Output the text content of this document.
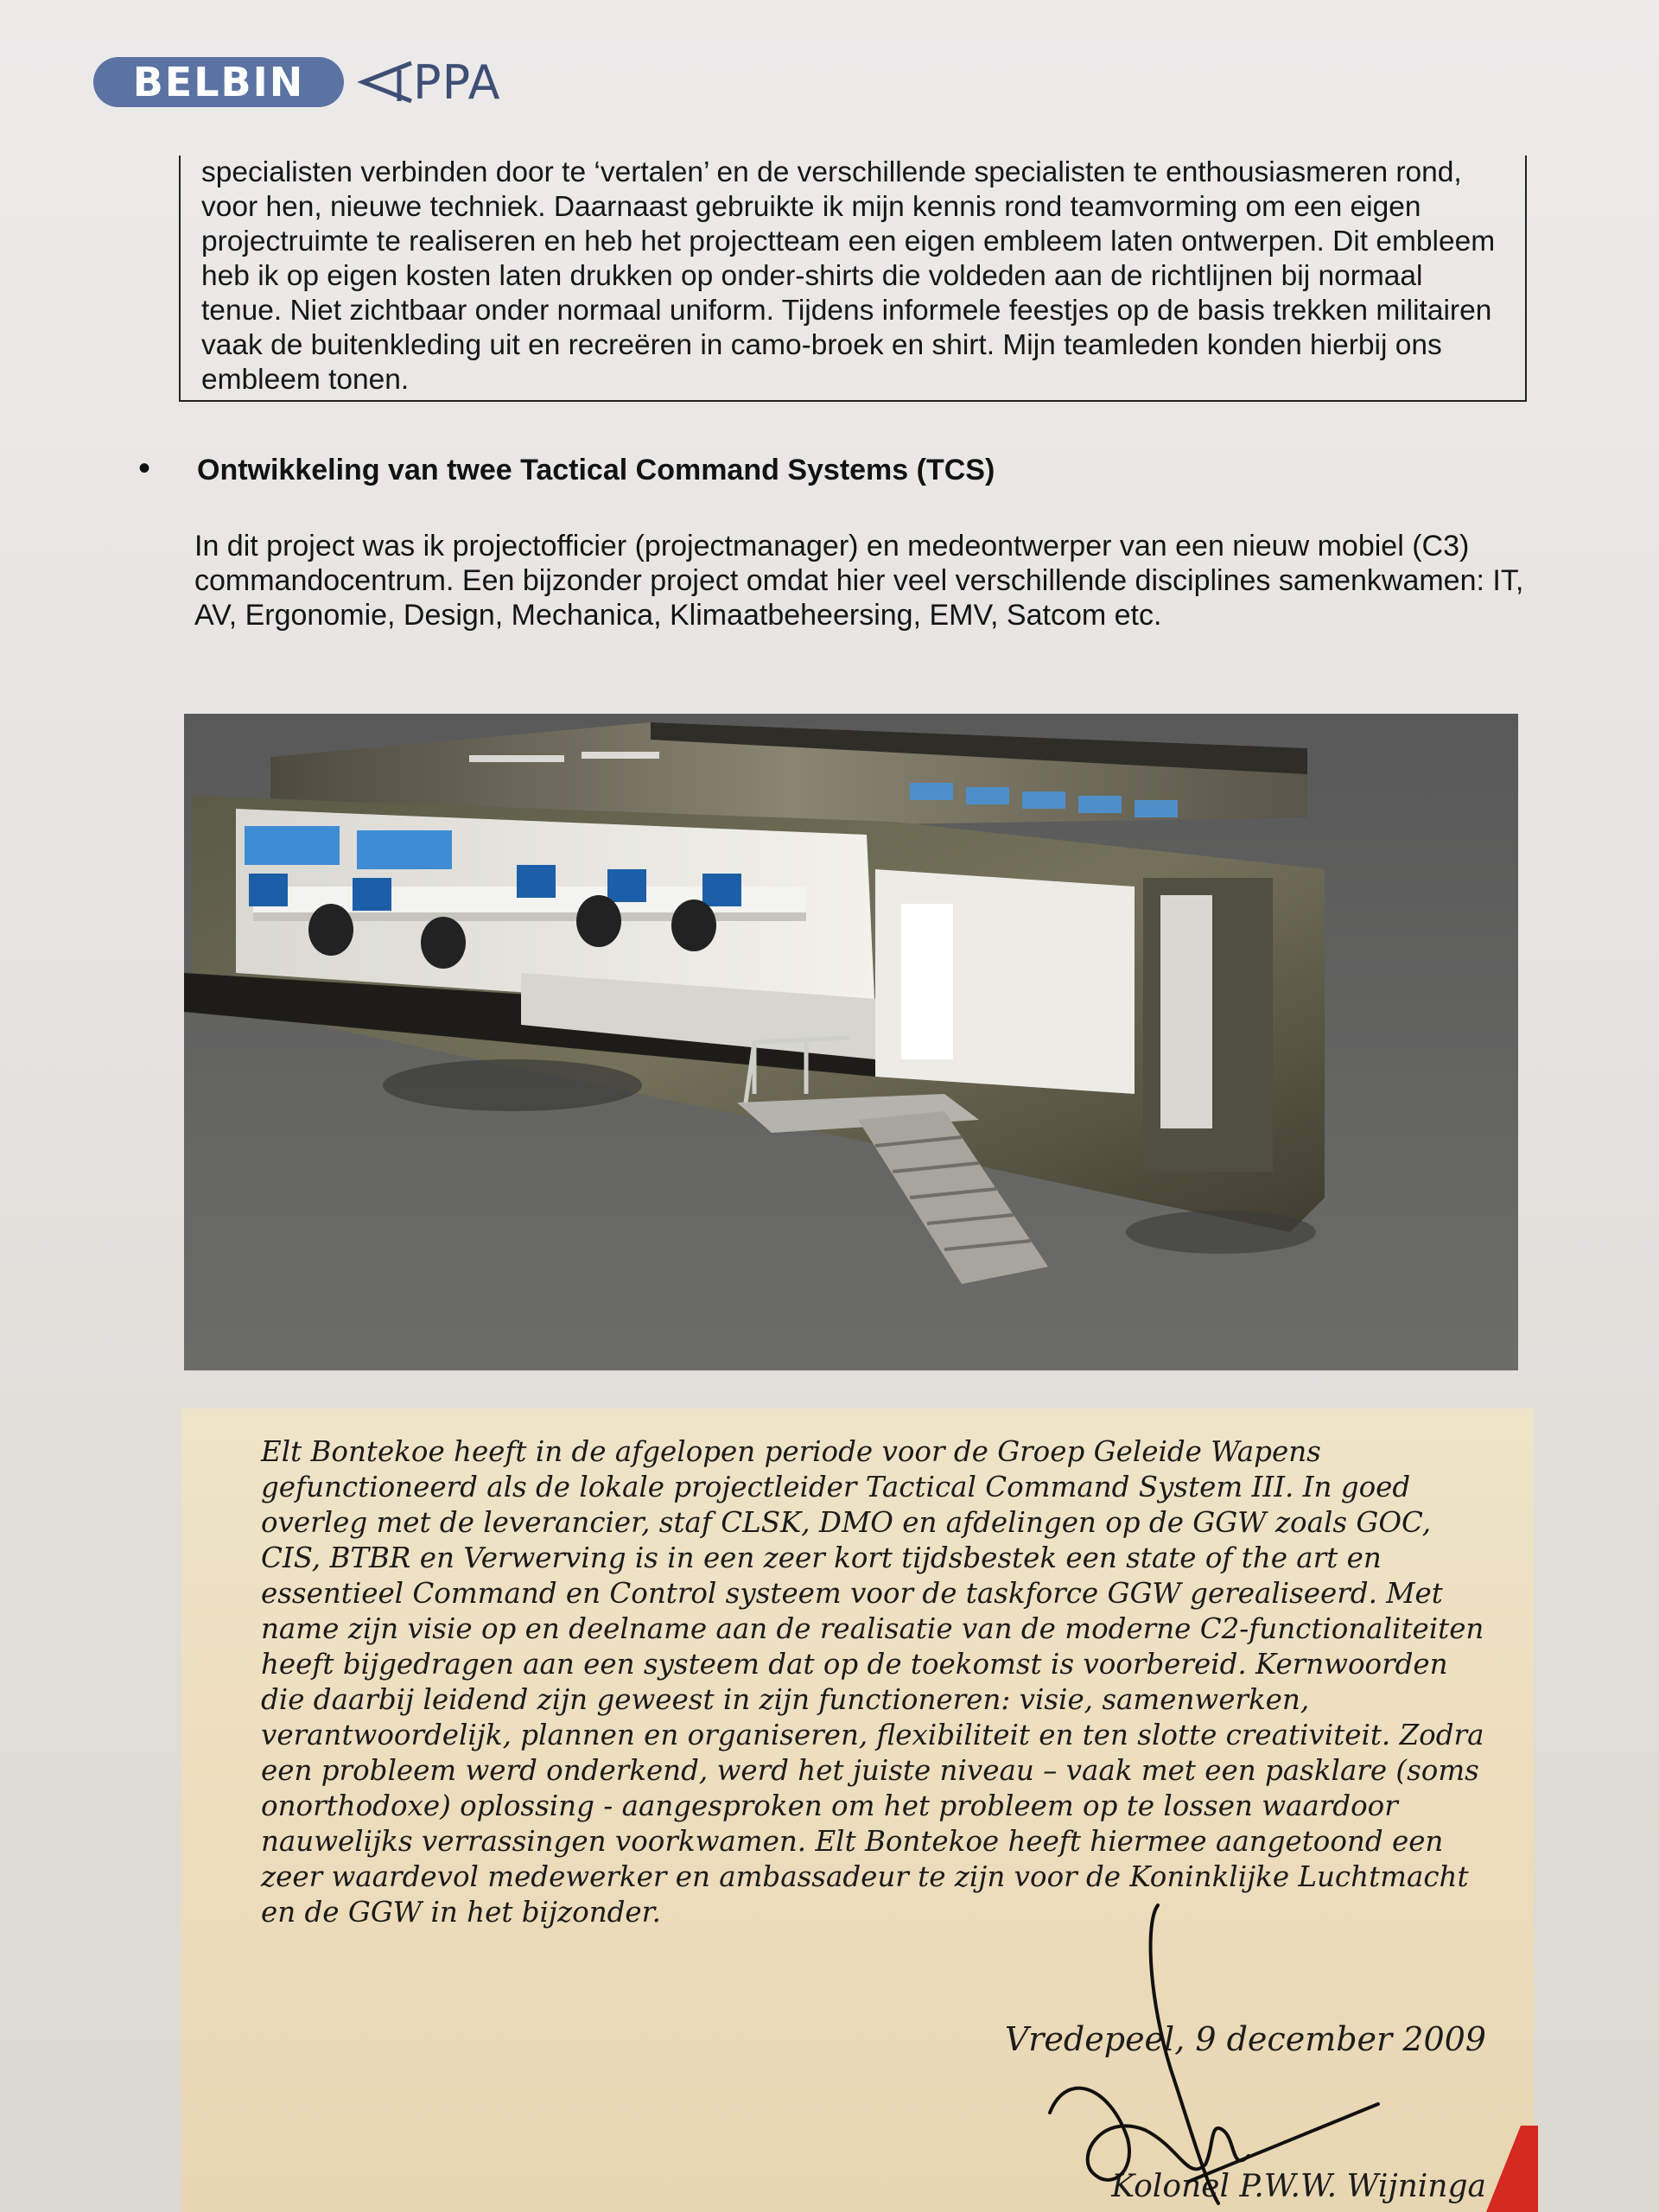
BELBIN PPA

specialisten verbinden door te ‘vertalen’ en de verschillende specialisten te enthousiasmeren rond, voor hen, nieuwe techniek. Daarnaast gebruikte ik mijn kennis rond teamvorming om een eigen projectruimte te realiseren en heb het projectteam een eigen embleem laten ontwerpen. Dit embleem heb ik op eigen kosten laten drukken op onder-shirts die voldeden aan de richtlijnen bij normaal tenue. Niet zichtbaar onder normaal uniform. Tijdens informele feestjes op de basis trekken militairen vaak de buitenkleding uit en recreëren in camo-broek en shirt. Mijn teamleden konden hierbij ons embleem tonen.

•	Ontwikkeling van twee Tactical Command Systems (TCS)

In dit project was ik projectofficier (projectmanager) en medeontwerper van een nieuw mobiel (C3) commandocentrum. Een bijzonder project omdat hier veel verschillende disciplines samenkwamen: IT, AV, Ergonomie, Design, Mechanica, Klimaatbeheersing, EMV, Satcom etc.

Elt Bontekoe heeft in de afgelopen periode voor de Groep Geleide Wapens gefunctioneerd als de lokale projectleider Tactical Command System III. In goed overleg met de leverancier, staf CLSK, DMO en afdelingen op de GGW zoals GOC, CIS, BTBR en Verwerving is in een zeer kort tijdsbestek een state of the art en essentieel Command en Control systeem voor de taskforce GGW gerealiseerd. Met name zijn visie op en deelname aan de realisatie van de moderne C2-functionaliteiten heeft bijgedragen aan een systeem dat op de toekomst is voorbereid. Kernwoorden die daarbij leidend zijn geweest in zijn functioneren: visie, samenwerken, verantwoordelijk, plannen en organiseren, flexibiliteit en ten slotte creativiteit. Zodra een probleem werd onderkend, werd het juiste niveau – vaak met een pasklare (soms onorthodoxe) oplossing - aangesproken om het probleem op te lossen waardoor nauwelijks verrassingen voorkwamen. Elt Bontekoe heeft hiermee aangetoond een zeer waardevol medewerker en ambassadeur te zijn voor de Koninklijke Luchtmacht en de GGW in het bijzonder.

Vredepeel, 9 december 2009
Kolonel P.W.W. Wijninga
